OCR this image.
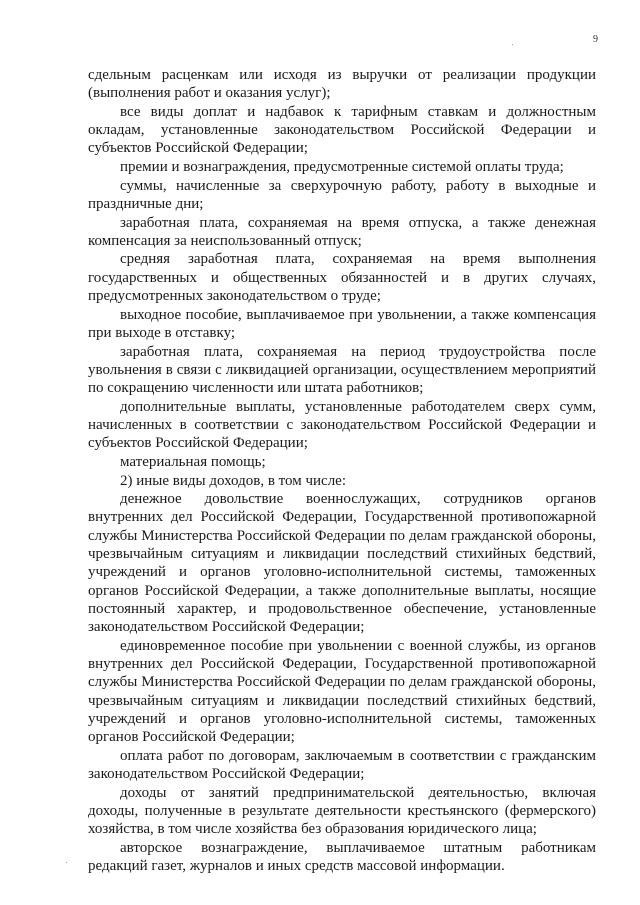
9

сдельным расценкам или исходя из выручки от реализации продукции (выполнения работ и оказания услуг);

все виды доплат и надбавок к тарифным ставкам и должностным окладам, установленные законодательством Российской Федерации и субъектов Российской Федерации;

премии и вознаграждения, предусмотренные системой оплаты труда;

суммы, начисленные за сверхурочную работу, работу в выходные и праздничные дни;

заработная плата, сохраняемая на время отпуска, а также денежная компенсация за неиспользованный отпуск;

средняя заработная плата, сохраняемая на время выполнения государственных и общественных обязанностей и в других случаях, предусмотренных законодательством о труде;

выходное пособие, выплачиваемое при увольнении, а также компенсация при выходе в отставку;

заработная плата, сохраняемая на период трудоустройства после увольнения в связи с ликвидацией организации, осуществлением мероприятий по сокращению численности или штата работников;

дополнительные выплаты, установленные работодателем сверх сумм, начисленных в соответствии с законодательством Российской Федерации и субъектов Российской Федерации;

материальная помощь;

2) иные виды доходов, в том числе:

денежное довольствие военнослужащих, сотрудников органов внутренних дел Российской Федерации, Государственной противопожарной службы Министерства Российской Федерации по делам гражданской обороны, чрезвычайным ситуациям и ликвидации последствий стихийных бедствий, учреждений и органов уголовно-исполнительной системы, таможенных органов Российской Федерации, а также дополнительные выплаты, носящие постоянный характер, и продовольственное обеспечение, установленные законодательством Российской Федерации;

единовременное пособие при увольнении с военной службы, из органов внутренних дел Российской Федерации, Государственной противопожарной службы Министерства Российской Федерации по делам гражданской обороны, чрезвычайным ситуациям и ликвидации последствий стихийных бедствий, учреждений и органов уголовно-исполнительной системы, таможенных органов Российской Федерации;

оплата работ по договорам, заключаемым в соответствии с гражданским законодательством Российской Федерации;

доходы от занятий предпринимательской деятельностью, включая доходы, полученные в результате деятельности крестьянского (фермерского) хозяйства, в том числе хозяйства без образования юридического лица;

авторское вознаграждение, выплачиваемое штатным работникам редакций газет, журналов и иных средств массовой информации.
